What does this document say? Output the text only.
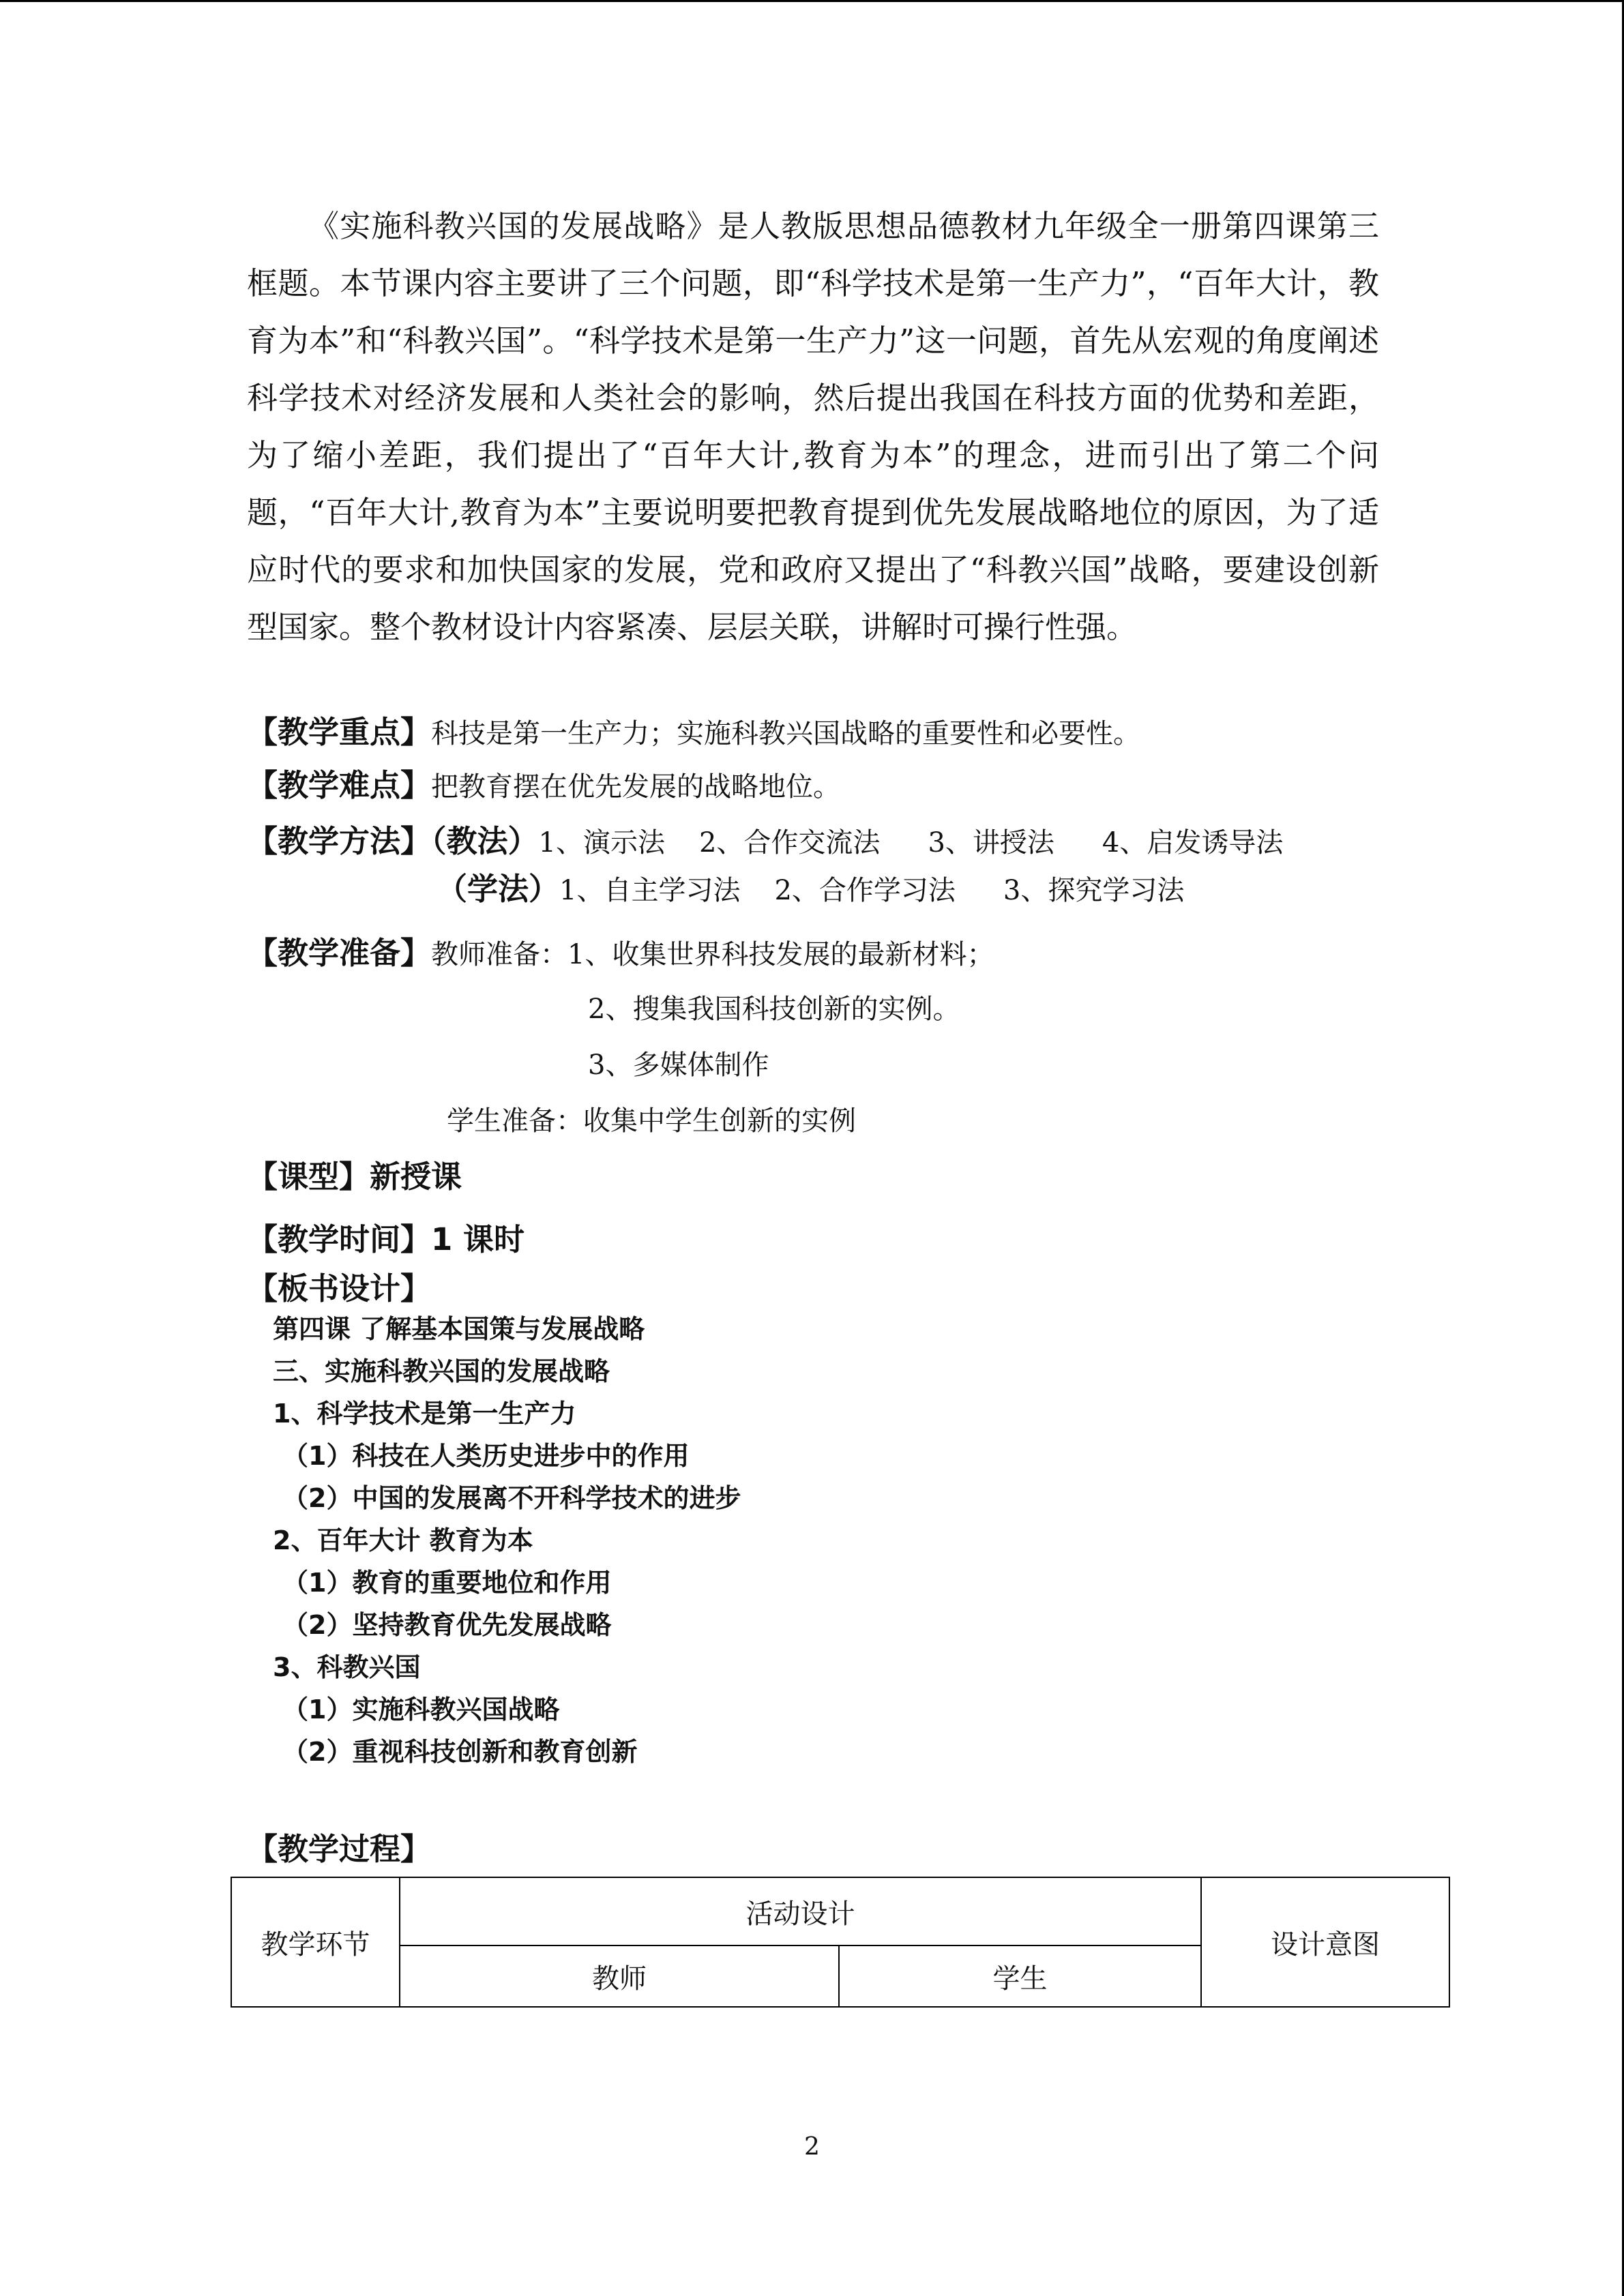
《实施科教兴国的发展战略》是人教版思想品德教材九年级全一册第四课第三框题。本节课内容主要讲了三个问题，即“科学技术是第一生产力”，“百年大计，教育为本”和“科教兴国”。“科学技术是第一生产力”这一问题，首先从宏观的角度阐述科学技术对经济发展和人类社会的影响，然后提出我国在科技方面的优势和差距，为了缩小差距，我们提出了“百年大计,教育为本”的理念，进而引出了第二个问题，“百年大计,教育为本”主要说明要把教育提到优先发展战略地位的原因，为了适应时代的要求和加快国家的发展，党和政府又提出了“科教兴国”战略，要建设创新型国家。整个教材设计内容紧凑、层层关联，讲解时可操行性强。

【教学重点】科技是第一生产力；实施科教兴国战略的重要性和必要性。
【教学难点】把教育摆在优先发展的战略地位。
【教学方法】（教法）1、演示法 2、合作交流法 3、讲授法 4、启发诱导法
（学法）1、自主学习法 2、合作学习法 3、探究学习法
【教学准备】教师准备：1、收集世界科技发展的最新材料；
2、搜集我国科技创新的实例。
3、多媒体制作
学生准备：收集中学生创新的实例
【课型】新授课
【教学时间】1 课时
【板书设计】
第四课 了解基本国策与发展战略
三、实施科教兴国的发展战略
1、科学技术是第一生产力
（1）科技在人类历史进步中的作用
（2）中国的发展离不开科学技术的进步
2、百年大计 教育为本
（1）教育的重要地位和作用
（2）坚持教育优先发展战略
3、科教兴国
（1）实施科教兴国战略
（2）重视科技创新和教育创新
【教学过程】
教学环节	活动设计		设计意图
	教师	学生	
2
